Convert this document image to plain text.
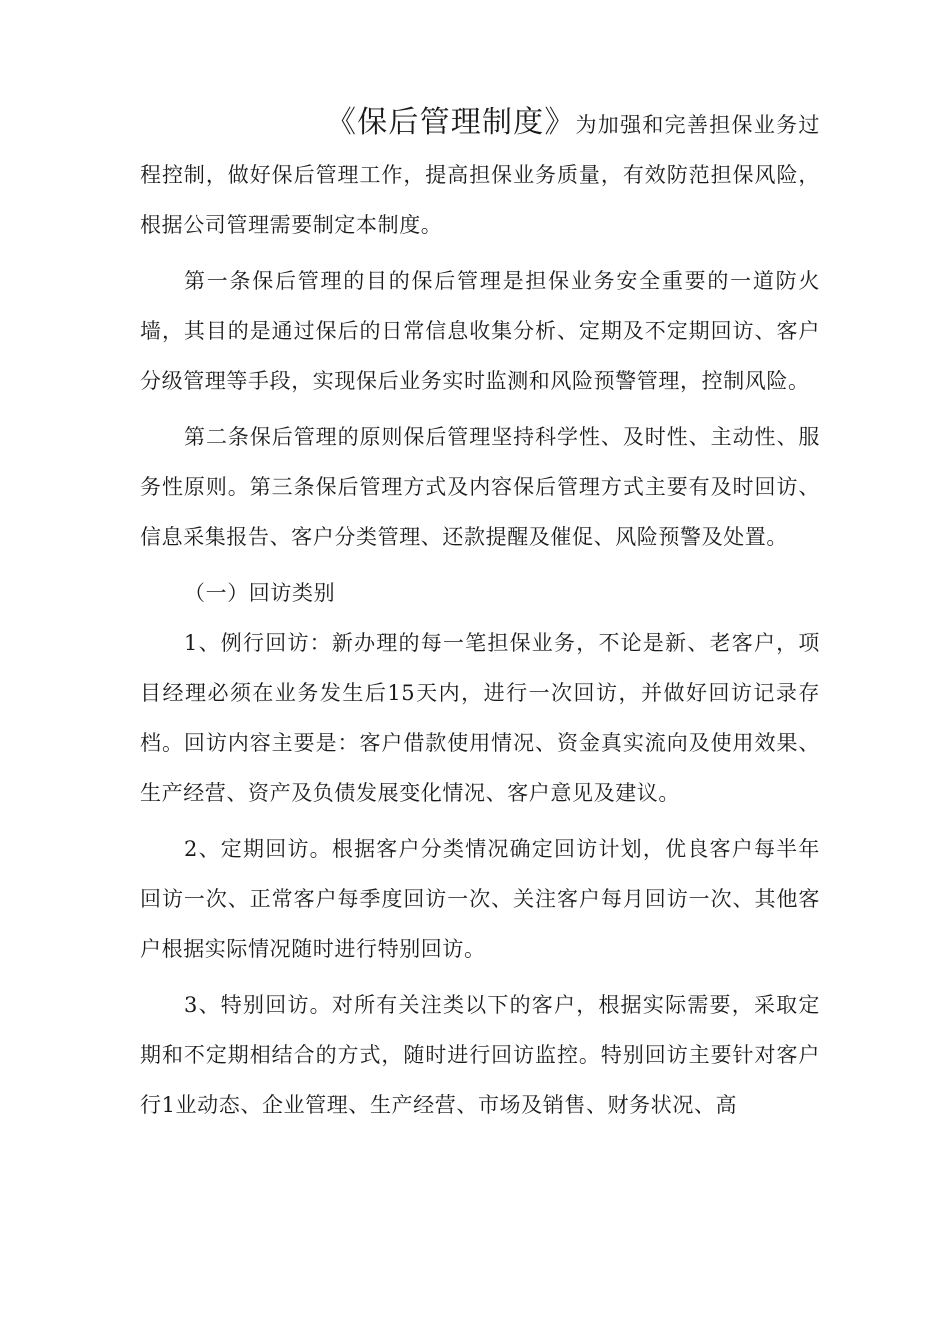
《保后管理制度》为加强和完善担保业务过程控制，做好保后管理工作，提高担保业务质量，有效防范担保风险，根据公司管理需要制定本制度。

第一条保后管理的目的保后管理是担保业务安全重要的一道防火墙，其目的是通过保后的日常信息收集分析、定期及不定期回访、客户分级管理等手段，实现保后业务实时监测和风险预警管理，控制风险。

第二条保后管理的原则保后管理坚持科学性、及时性、主动性、服务性原则。第三条保后管理方式及内容保后管理方式主要有及时回访、信息采集报告、客户分类管理、还款提醒及催促、风险预警及处置。

（一）回访类别

1、例行回访：新办理的每一笔担保业务，不论是新、老客户，项目经理必须在业务发生后15天内，进行一次回访，并做好回访记录存档。回访内容主要是：客户借款使用情况、资金真实流向及使用效果、生产经营、资产及负债发展变化情况、客户意见及建议。

2、定期回访。根据客户分类情况确定回访计划，优良客户每半年回访一次、正常客户每季度回访一次、关注客户每月回访一次、其他客户根据实际情况随时进行特别回访。

3、特别回访。对所有关注类以下的客户，根据实际需要，采取定期和不定期相结合的方式，随时进行回访监控。特别回访主要针对客户行1业动态、企业管理、生产经营、市场及销售、财务状况、高
